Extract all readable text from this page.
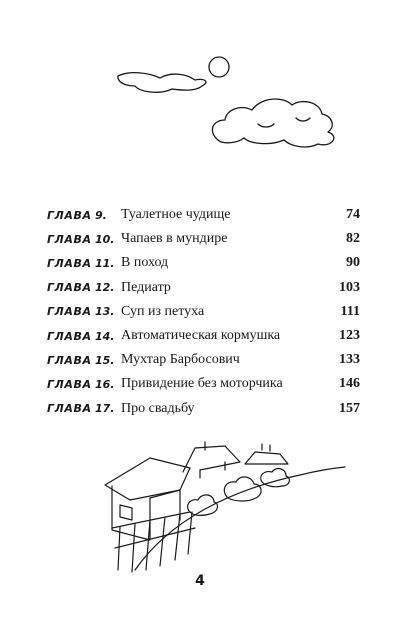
ГЛАВА 9.	Туалетное чудище	74
ГЛАВА 10. Чапаев в мундире	82
ГЛАВА 11. В поход	90
ГЛАВА 12. Педиатр	103
ГЛАВА 13. Суп из петуха	111
ГЛАВА 14. Автоматическая кормушка	123
ГЛАВА 15. Мухтар Барбосович	133
ГЛАВА 16. Привидение без моторчика	146
ГЛАВА 17. Про свадьбу	157
4
